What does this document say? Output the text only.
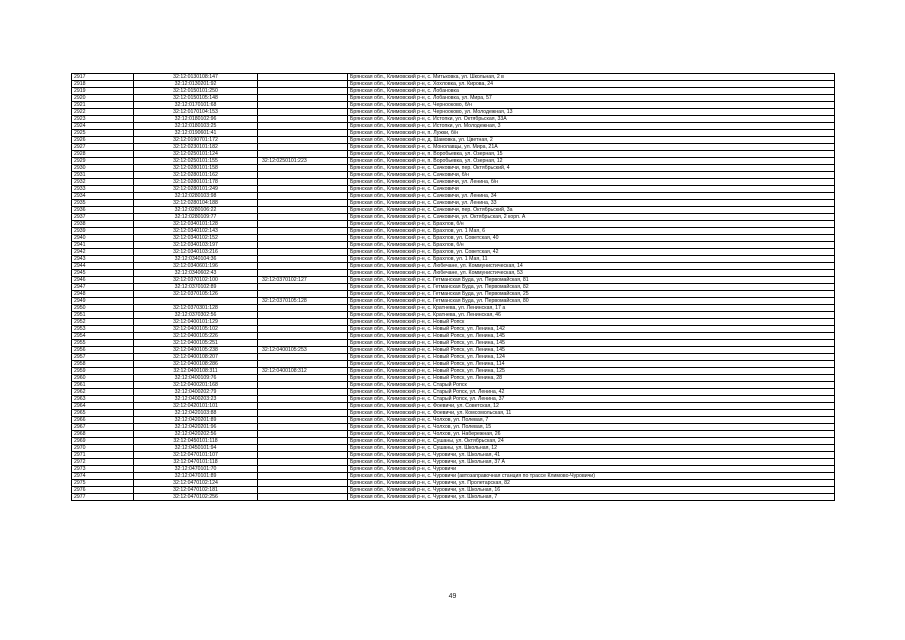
2917	32:12:0130108:147		Брянская обл., Климовский р-н, с. Митьковка, ул. Школьная, 2 в
2918	32:12:0130201:92		Брянская обл., Климовский р-н, с. Хохловка, ул. Кирова, 24
2919	32:12:0150101:250		Брянская обл., Климовский р-н, с. Лобановка
2920	32:12:0150105:148		Брянская обл., Климовский р-н, с. Лобановка, ул. Мира, 57
2921	32:12:0170101:68		Брянская обл., Климовский р-н, с. Чернооково, б/н
2922	32:12:0170104:153		Брянская обл., Климовский р-н, с. Чернооково, ул. Молодежная, 13
2923	32:12:0180102:96		Брянская обл., Климовский р-н, с. Истопки, ул. Октябрьская, 33А
2924	32:12:0180103:25		Брянская обл., Климовский р-н, с. Истопки, ул. Молодежная, 3
2925	32:12:0190601:41		Брянская обл., Климовский р-н, п. Лужки, б/н
2926	32:12:0190701:172		Брянская обл., Климовский р-н, д. Шамовка, ул. Цветная, 2
2927	32:12:0230101:182		Брянская обл., Климовский р-н, с. Монолавцы, ул. Мира, 21А
2928	32:12:0250101:124		Брянская обл., Климовский р-н, п. Воробьевка, ул. Озерная, 15
2929	32:12:0250101:155	32:12:0250101:223	Брянская обл., Климовский р-н, п. Воробьевка, ул. Озерная, 12
2930	32:12:0280101:158		Брянская обл., Климовский р-н, с. Сачковичи, пер. Октябрьский, 4
2931	32:12:0280101:162		Брянская обл., Климовский р-н, с. Сачковичи, б/н
2932	32:12:0280101:178		Брянская обл., Климовский р-н, с. Сачковичи, ул. Ленина, б/н
2933	32:12:0280101:249		Брянская обл., Климовский р-н, с. Сачковичи
2934	32:12:0280103:98		Брянская обл., Климовский р-н, с. Сачковичи, ул. Ленина, 34
2935	32:12:0280104:188		Брянская обл., Климовский р-н, с. Сачковичи, ул. Ленина, 33
2936	32:12:0280106:22		Брянская обл., Климовский р-н, с. Сачковичи, пер. Октябрьский, 3а
2937	32:12:0280109:77		Брянская обл., Климовский р-н, с. Сачковичи, ул. Октябрьская, 2 корп. А
2938	32:12:0340101:128		Брянская обл., Климовский р-н, с. Брахлов, б/н
2939	32:12:0340102:143		Брянская обл., Климовский р-н, с. Брахлов, ул. 1 Мая, 6
2940	32:12:0340102:152		Брянская обл., Климовский р-н, с. Брахлов, ул. Советская, 40
2941	32:12:0340103:197		Брянская обл., Климовский р-н, с. Брахлов, б/н
2942	32:12:0340103:216		Брянская обл., Климовский р-н, с. Брахлов, ул. Советская, 42
2943	32:12:0340104:36		Брянская обл., Климовский р-н, с. Брахлов, ул. 1 Мая, 11
2944	32:12:0340601:196		Брянская обл., Климовский р-н, с. Любечане, ул. Коммунистическая, 14
2945	32:12:0340602:43		Брянская обл., Климовский р-н, с. Любечане, ул. Коммунистическая, 53
2946	32:12:0370102:100	32:12:0370102:127	Брянская обл., Климовский р-н, с. Гетманская Буда, ул. Первомайская, 81
2947	32:12:0370102:89		Брянская обл., Климовский р-н, с. Гетманская Буда, ул. Первомайская, 82
2948	32:12:0370105:126		Брянская обл., Климовский р-н, с. Гетманская Буда, ул. Первомайская, 25
2949		32:12:0370105:128	Брянская обл., Климовский р-н, с. Гетманская Буда, ул. Первомайская, 80
2950	32:12:0370301:128		Брянская обл., Климовский р-н, с. Кратнева, ул. Ленинская, 17 а
2951	32:12:0370302:56		Брянская обл., Климовский р-н, с. Кратнева, ул. Ленинская, 46
2952	32:12:0400101:129		Брянская обл., Климовский р-н, с. Новый Ропск
2953	32:12:0400105:102		Брянская обл., Климовский р-н, с. Новый Ропск, ул. Ленина, 142
2954	32:12:0400105:226		Брянская обл., Климовский р-н, с. Новый Ропск, ул. Ленина, 145
2955	32:12:0400105:251		Брянская обл., Климовский р-н, с. Новый Ропск, ул. Ленина, 145
2956	32:12:0400105:238	32:12:0400105:253	Брянская обл., Климовский р-н, с. Новый Ропск, ул. Ленина, 145
2957	32:12:0400108:207		Брянская обл., Климовский р-н, с. Новый Ропск, ул. Ленина, 124
2958	32:12:0400108:286		Брянская обл., Климовский р-н, с. Новый Ропск, ул. Ленина, 114
2959	32:12:0400108:311	32:12:0400108:312	Брянская обл., Климовский р-н, с. Новый Ропск, ул. Ленина, 125
2960	32:12:0400109:76		Брянская обл., Климовский р-н, с. Новый Ропск, ул. Ленина, 28
2961	32:12:0400201:168		Брянская обл., Климовский р-н, с. Старый Ропск
2962	32:12:0400202:79		Брянская обл., Климовский р-н, с. Старый Ропск, ул. Ленина, 42
2963	32:12:0400203:23		Брянская обл., Климовский р-н, с. Старый Ропск, ул. Ленина, 37
2964	32:12:0420101:101		Брянская обл., Климовский р-н, с. Фоевичи, ул. Советская, 12
2965	32:12:0420103:88		Брянская обл., Климовский р-н, с. Фоевичи, ул. Комсомольская, 11
2966	32:12:0420201:89		Брянская обл., Климовский р-н, с. Чолхов, ул. Полевая, 7
2967	32:12:0420201:96		Брянская обл., Климовский р-н, с. Чолхов, ул. Полевая, 15
2968	32:12:0420202:56		Брянская обл., Климовский р-н, с. Чолхов, ул. Набережная, 26
2969	32:12:0450101:118		Брянская обл., Климовский р-н, с. Сушаны, ул. Октябрьская, 24
2970	32:12:0450101:94		Брянская обл., Климовский р-н, с. Сушаны, ул. Школьная, 12
2971	32:12:0470101:107		Брянская обл., Климовский р-н, с. Чуровичи, ул. Школьная, 41
2972	32:12:0470101:118		Брянская обл., Климовский р-н, с. Чуровичи, ул. Школьная, 37 А
2973	32:12:0470101:70		Брянская обл., Климовский р-н, с. Чуровичи
2974	32:12:0470101:89		Брянская обл., Климовский р-н, с. Чуровичи (автозаправочная станция по трассе Климово-Чуровичи)
2975	32:12:0470102:124		Брянская обл., Климовский р-н, с. Чуровичи, ул. Пролетарская, 82
2976	32:12:0470102:181		Брянская обл., Климовский р-н, с. Чуровичи, ул. Школьная, 16
2977	32:12:0470102:256		Брянская обл., Климовский р-н, с. Чуровичи, ул. Школьная, 7
49
